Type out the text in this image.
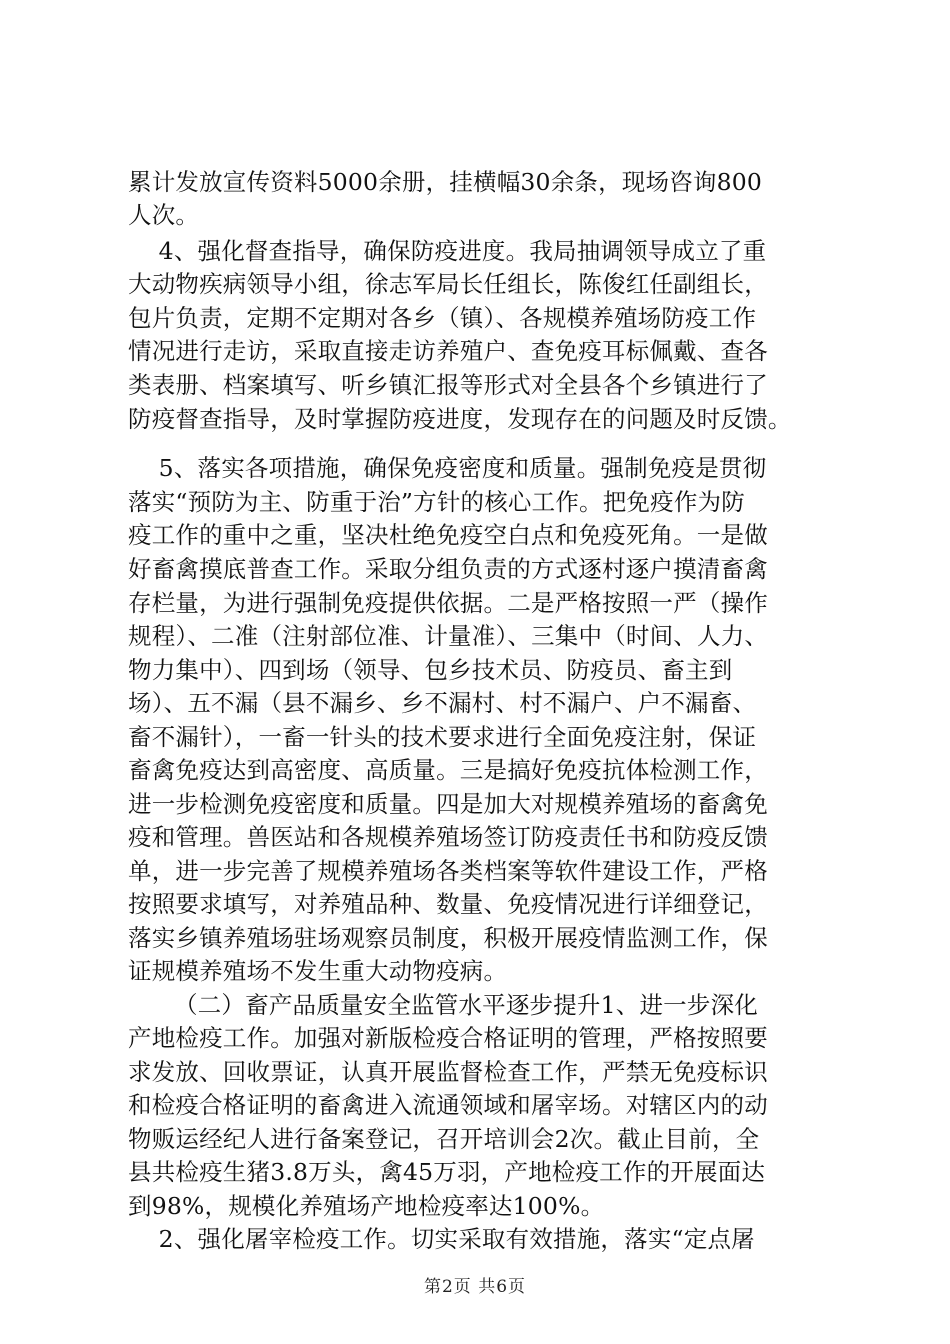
累计发放宣传资料5000余册，挂横幅30余条，现场咨询800
人次。
4、强化督查指导，确保防疫进度。我局抽调领导成立了重
大动物疾病领导小组，徐志军局长任组长，陈俊红任副组长，
包片负责，定期不定期对各乡（镇）、各规模养殖场防疫工作
情况进行走访，采取直接走访养殖户、查免疫耳标佩戴、查各
类表册、档案填写、听乡镇汇报等形式对全县各个乡镇进行了
防疫督查指导，及时掌握防疫进度，发现存在的问题及时反馈。
5、落实各项措施，确保免疫密度和质量。强制免疫是贯彻
落实“预防为主、防重于治”方针的核心工作。把免疫作为防
疫工作的重中之重，坚决杜绝免疫空白点和免疫死角。一是做
好畜禽摸底普查工作。采取分组负责的方式逐村逐户摸清畜禽
存栏量，为进行强制免疫提供依据。二是严格按照一严（操作
规程）、二准（注射部位准、计量准）、三集中（时间、人力、
物力集中）、四到场（领导、包乡技术员、防疫员、畜主到
场）、五不漏（县不漏乡、乡不漏村、村不漏户、户不漏畜、
畜不漏针），一畜一针头的技术要求进行全面免疫注射，保证
畜禽免疫达到高密度、高质量。三是搞好免疫抗体检测工作，
进一步检测免疫密度和质量。四是加大对规模养殖场的畜禽免
疫和管理。兽医站和各规模养殖场签订防疫责任书和防疫反馈
单，进一步完善了规模养殖场各类档案等软件建设工作，严格
按照要求填写，对养殖品种、数量、免疫情况进行详细登记，
落实乡镇养殖场驻场观察员制度，积极开展疫情监测工作，保
证规模养殖场不发生重大动物疫病。
（二）畜产品质量安全监管水平逐步提升1、进一步深化
产地检疫工作。加强对新版检疫合格证明的管理，严格按照要
求发放、回收票证，认真开展监督检查工作，严禁无免疫标识
和检疫合格证明的畜禽进入流通领域和屠宰场。对辖区内的动
物贩运经纪人进行备案登记，召开培训会2次。截止目前，全
县共检疫生猪3.8万头，禽45万羽，产地检疫工作的开展面达
到98%，规模化养殖场产地检疫率达100%。
2、强化屠宰检疫工作。切实采取有效措施，落实“定点屠
第2页 共6页
